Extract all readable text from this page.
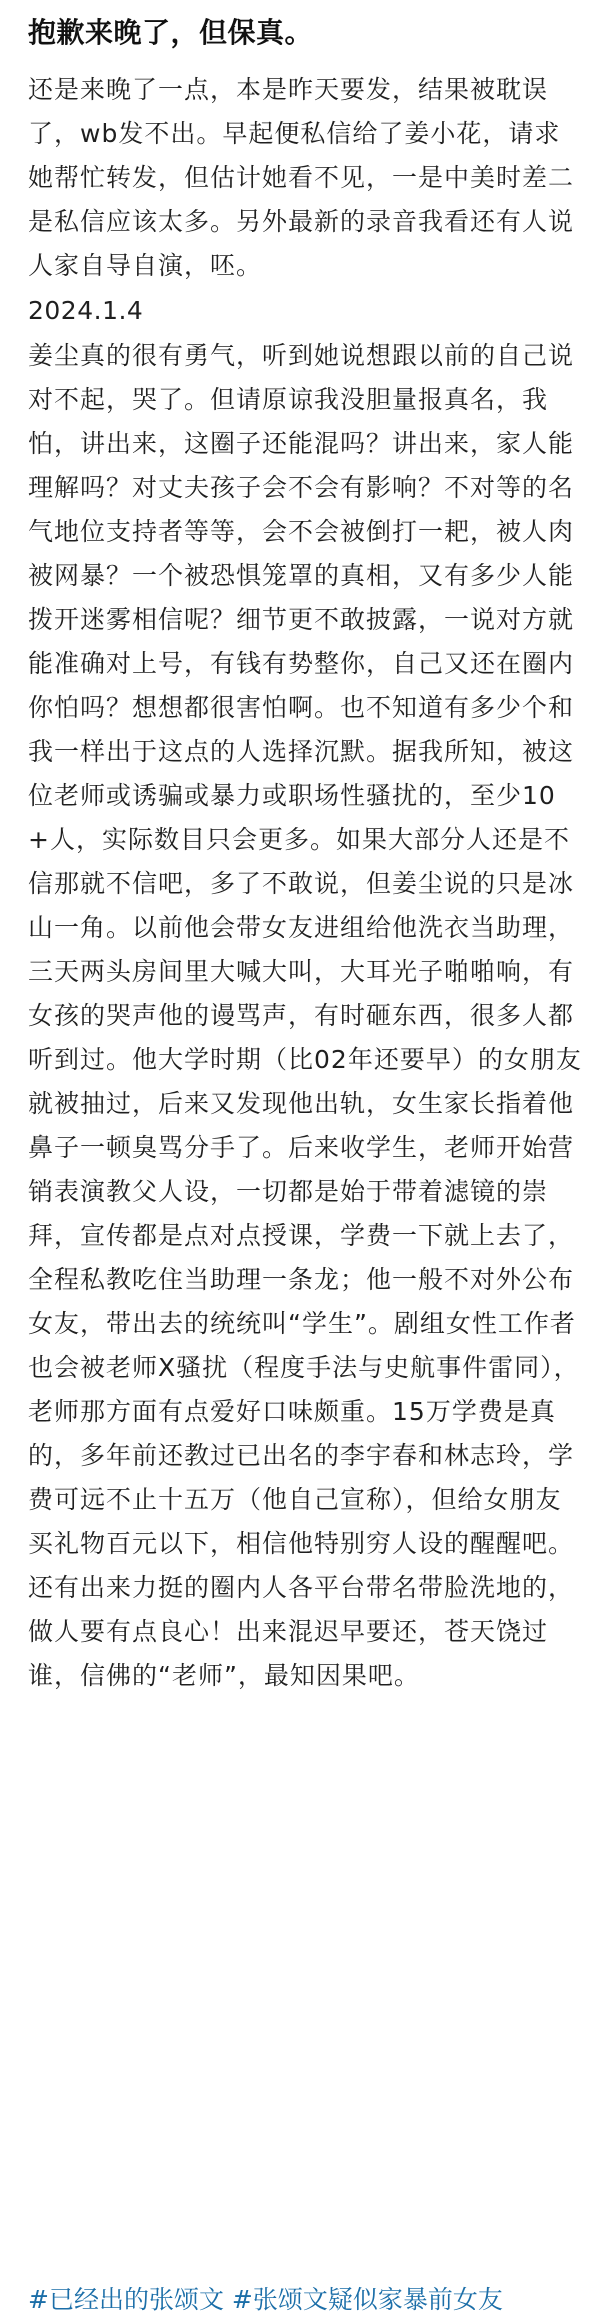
抱歉来晚了，但保真。

还是来晚了一点，本是昨天要发，结果被耽误了，wb发不出。早起便私信给了姜小花，请求她帮忙转发，但估计她看不见，一是中美时差二是私信应该太多。另外最新的录音我看还有人说人家自导自演，呸。

2024.1.4

姜尘真的很有勇气，听到她说想跟以前的自己说对不起，哭了。但请原谅我没胆量报真名，我怕，讲出来，这圈子还能混吗？讲出来，家人能理解吗？对丈夫孩子会不会有影响？不对等的名气地位支持者等等，会不会被倒打一耙，被人肉被网暴？一个被恐惧笼罩的真相，又有多少人能拨开迷雾相信呢？细节更不敢披露，一说对方就能准确对上号，有钱有势整你，自己又还在圈内你怕吗？想想都很害怕啊。也不知道有多少个和我一样出于这点的人选择沉默。据我所知，被这位老师或诱骗或暴力或职场性骚扰的，至少10+人，实际数目只会更多。如果大部分人还是不信那就不信吧，多了不敢说，但姜尘说的只是冰山一角。以前他会带女友进组给他洗衣当助理，三天两头房间里大喊大叫，大耳光子啪啪响，有女孩的哭声他的谩骂声，有时砸东西，很多人都听到过。他大学时期（比02年还要早）的女朋友就被抽过，后来又发现他出轨，女生家长指着他鼻子一顿臭骂分手了。后来收学生，老师开始营销表演教父人设，一切都是始于带着滤镜的崇拜，宣传都是点对点授课，学费一下就上去了，全程私教吃住当助理一条龙；他一般不对外公布女友，带出去的统统叫“学生”。剧组女性工作者也会被老师X骚扰（程度手法与史航事件雷同），老师那方面有点爱好口味颇重。15万学费是真的，多年前还教过已出名的李宇春和林志玲，学费可远不止十五万（他自己宣称），但给女朋友买礼物百元以下，相信他特别穷人设的醒醒吧。还有出来力挺的圈内人各平台带名带脸洗地的，做人要有点良心！出来混迟早要还，苍天饶过谁，信佛的“老师”，最知因果吧。

#已经出的张颂文 #张颂文疑似家暴前女友
